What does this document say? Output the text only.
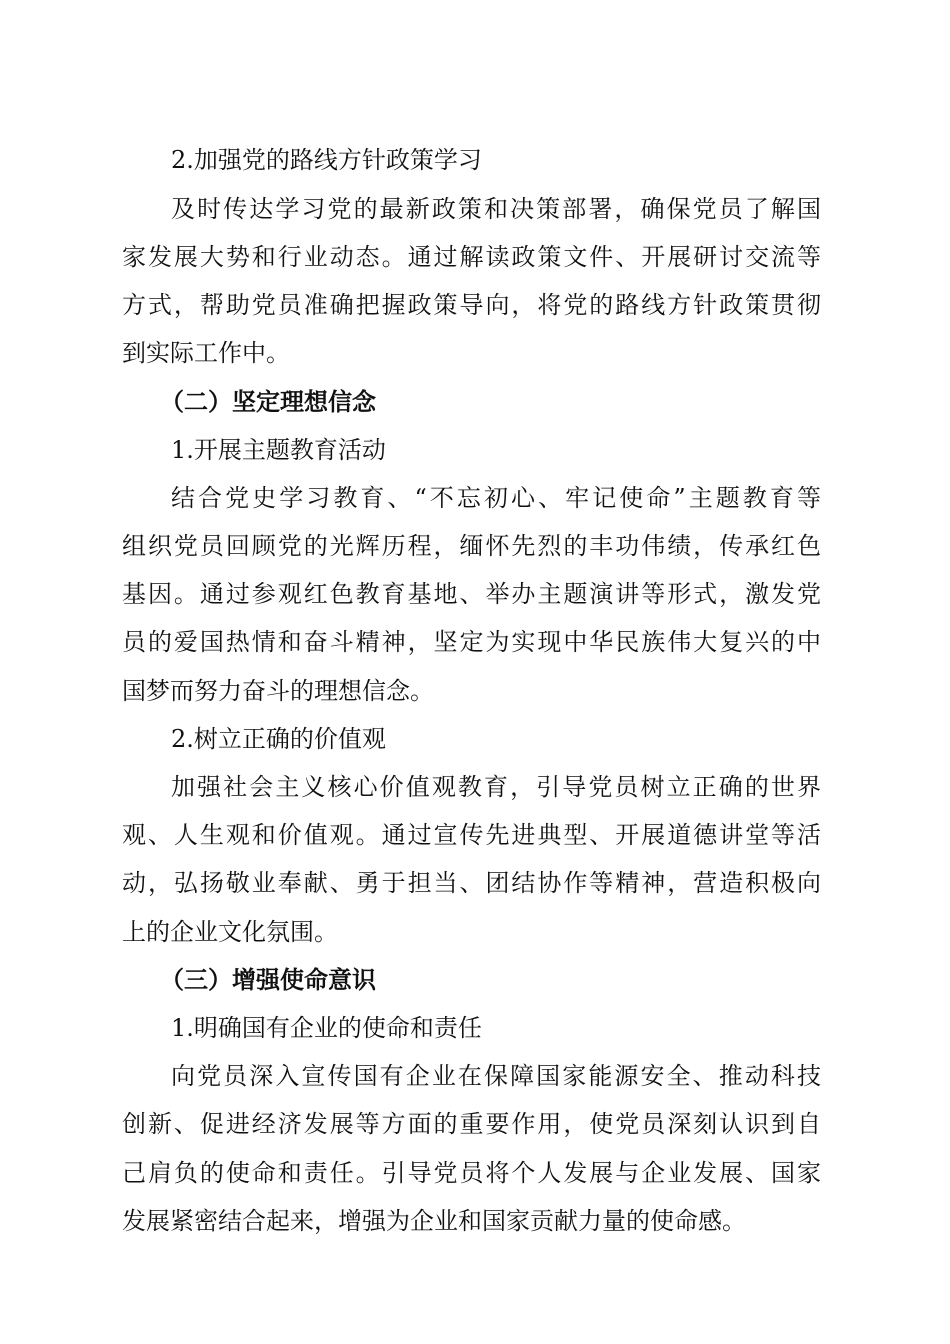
2.加强党的路线方针政策学习

及时传达学习党的最新政策和决策部署，确保党员了解国

家发展大势和行业动态。通过解读政策文件、开展研讨交流等

方式，帮助党员准确把握政策导向，将党的路线方针政策贯彻

到实际工作中。

（二）坚定理想信念

1.开展主题教育活动

结合党史学习教育、“不忘初心、牢记使命”主题教育等

组织党员回顾党的光辉历程，缅怀先烈的丰功伟绩，传承红色

基因。通过参观红色教育基地、举办主题演讲等形式，激发党

员的爱国热情和奋斗精神，坚定为实现中华民族伟大复兴的中

国梦而努力奋斗的理想信念。

2.树立正确的价值观

加强社会主义核心价值观教育，引导党员树立正确的世界

观、人生观和价值观。通过宣传先进典型、开展道德讲堂等活

动，弘扬敬业奉献、勇于担当、团结协作等精神，营造积极向

上的企业文化氛围。

（三）增强使命意识

1.明确国有企业的使命和责任

向党员深入宣传国有企业在保障国家能源安全、推动科技

创新、促进经济发展等方面的重要作用，使党员深刻认识到自

己肩负的使命和责任。引导党员将个人发展与企业发展、国家

发展紧密结合起来，增强为企业和国家贡献力量的使命感。
